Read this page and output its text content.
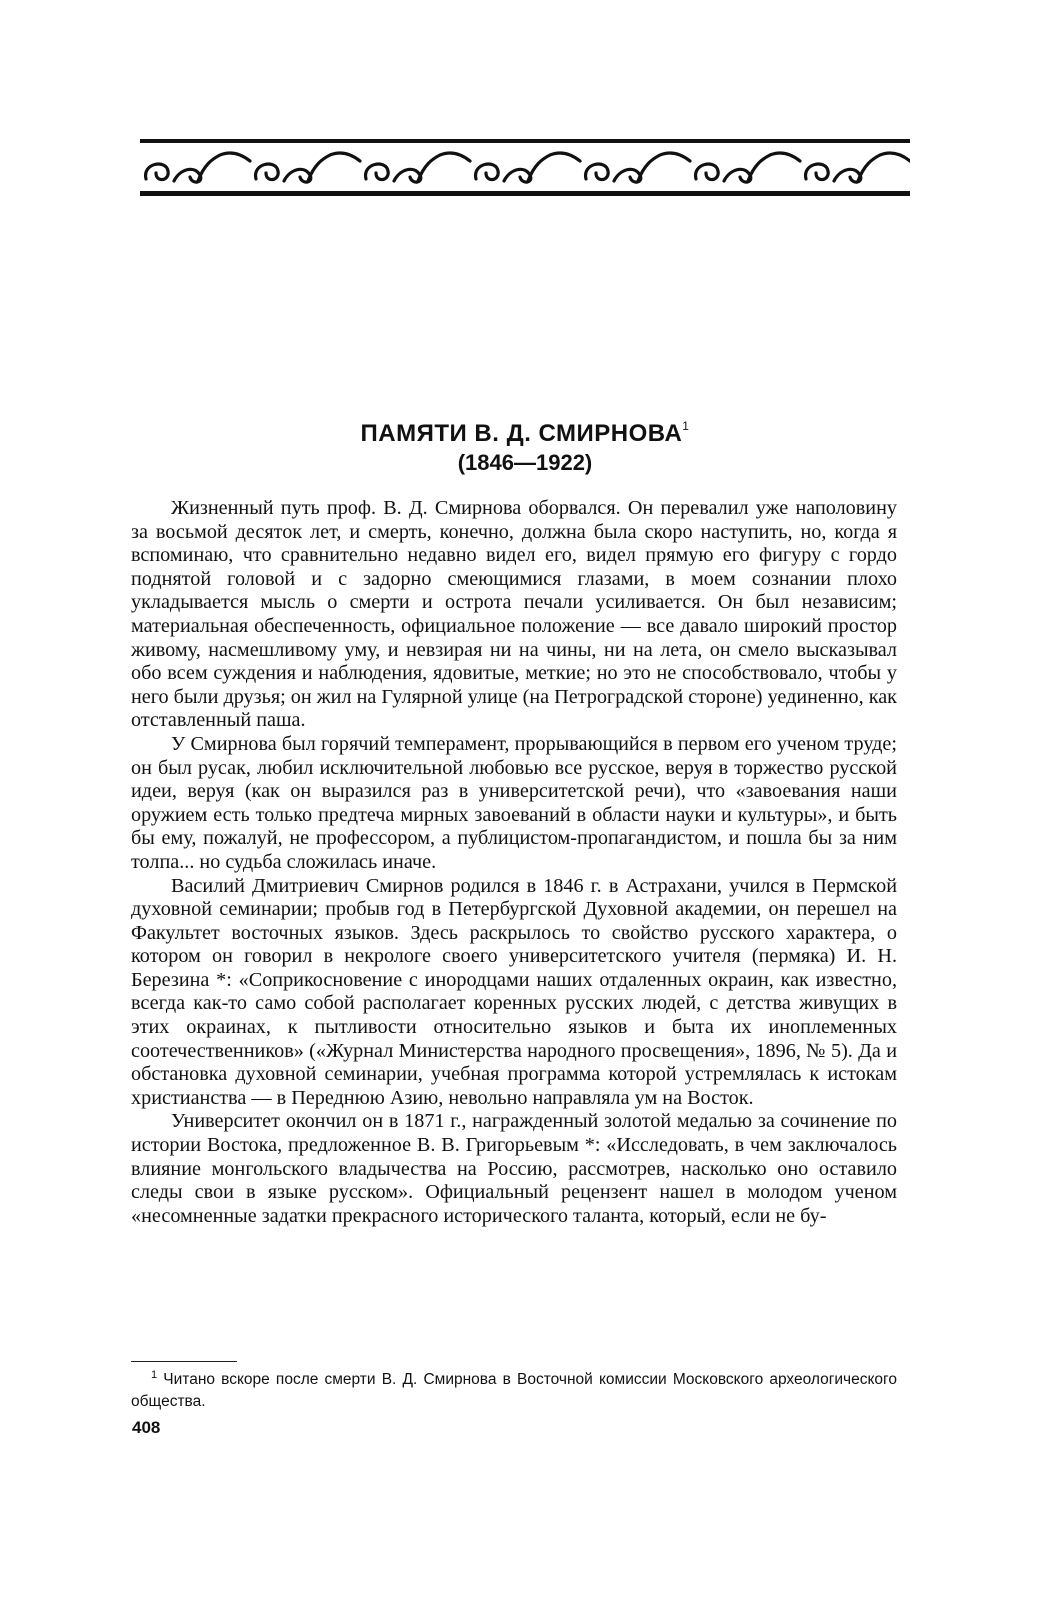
ПАМЯТИ В. Д. СМИРНОВА$^1$
(1846—1922)

Жизненный путь проф. В. Д. Смирнова оборвался. Он перевалил уже наполовину за восьмой десяток лет, и смерть, конечно, должна была скоро наступить, но, когда я вспоминаю, что сравнительно недавно видел его, видел прямую его фигуру с гордо поднятой головой и с задорно смеющимися глазами, в моем сознании плохо укладывается мысль о смерти и острота печали усиливается. Он был независим; материальная обеспеченность, официальное положение — все давало широкий простор живому, насмешливому уму, и невзирая ни на чины, ни на лета, он смело высказывал обо всем суждения и наблюдения, ядовитые, меткие; но это не способствовало, чтобы у него были друзья; он жил на Гулярной улице (на Петроградской стороне) уединенно, как отставленный паша.

У Смирнова был горячий темперамент, прорывающийся в первом его ученом труде; он был русак, любил исключительной любовью все русское, веруя в торжество русской идеи, веруя (как он выразился раз в университетской речи), что «завоевания наши оружием есть только предтеча мирных завоеваний в области науки и культуры», и быть бы ему, пожалуй, не профессором, а публицистом-пропагандистом, и пошла бы за ним толпа... но судьба сложилась иначе.

Василий Дмитриевич Смирнов родился в 1846 г. в Астрахани, учился в Пермской духовной семинарии; пробыв год в Петербургской Духовной академии, он перешел на Факультет восточных языков. Здесь раскрылось то свойство русского характера, о котором он говорил в некрологе своего университетского учителя (пермяка) И. Н. Березина *: «Соприкосновение с инородцами наших отдаленных окраин, как известно, всегда как-то само собой располагает коренных русских людей, с детства живущих в этих окраинах, к пытливости относительно языков и быта их иноплеменных соотечественников» («Журнал Министерства народного просвещения», 1896, № 5). Да и обстановка духовной семинарии, учебная программа которой устремлялась к истокам христианства — в Переднюю Азию, невольно направляла ум на Восток.

Университет окончил он в 1871 г., награжденный золотой медалью за сочинение по истории Востока, предложенное В. В. Григорьевым *: «Исследовать, в чем заключалось влияние монгольского владычества на Россию, рассмотрев, насколько оно оставило следы свои в языке русском». Официальный рецензент нашел в молодом ученом «несомненные задатки прекрасного исторического таланта, который, если не бу-

$^1$ Читано вскоре после смерти В. Д. Смирнова в Восточной комиссии Московского археологического общества.
408
